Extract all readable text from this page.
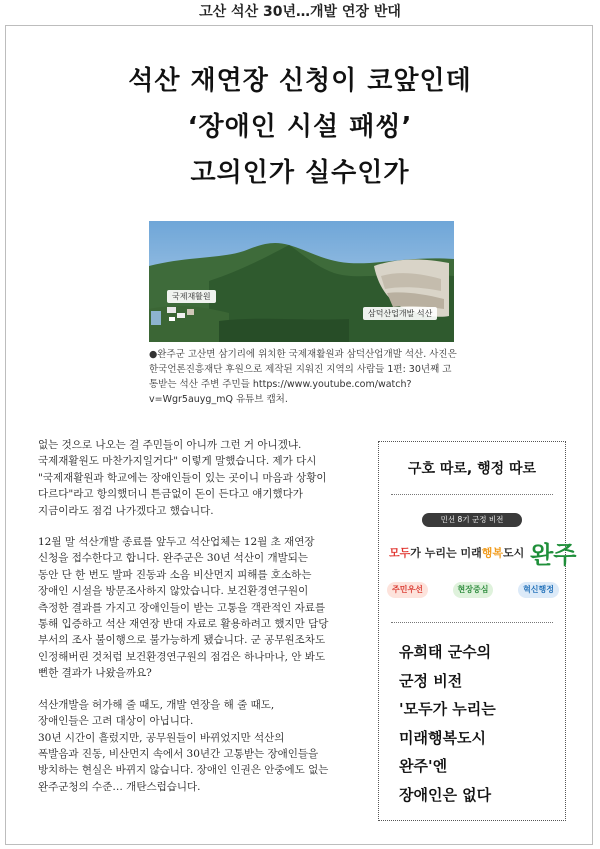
고산 석산 30년…개발 연장 반대
석산 재연장 신청이 코앞인데
‘장애인 시설 패씽’
고의인가 실수인가
국제재활원
삼덕산업개발 석산
●완주군 고산면 삼기리에 위치한 국제재활원과 삼덕산업개발 석산. 사진은 한국언론진흥재단 후원으로 제작된 지워진 지역의 사람들 1편: 30년째 고통받는 석산 주변 주민들 https://www.youtube.com/watch?v=Wgr5auyg_mQ 유튜브 캡처.

없는 것으로 나오는 걸 주민들이 아니까 그런 거 아니겠냐.
국제재활원도 마찬가지일거다" 이렇게 말했습니다. 제가 다시
"국제재활원과 학교에는 장애인들이 있는 곳이니 마음과 상황이
다르다"라고 항의했더니 튼금없이 돈이 든다고 얘기했다가
지금이라도 점검 나가겠다고 했습니다.

12월 말 석산개발 종료를 앞두고 석산업체는 12월 초 재연장
신청을 접수한다고 합니다. 완주군은 30년 석산이 개발되는
동안 단 한 번도 발파 진동과 소음 비산먼지 피해를 호소하는
장애인 시설을 방문조사하지 않았습니다. 보건환경연구원이
측정한 결과를 가지고 장애인들이 받는 고통을 객관적인 자료를
통해 입증하고 석산 재연장 반대 자료로 활용하려고 했지만 담당
부서의 조사 불이행으로 불가능하게 됐습니다. 군 공무원조차도
인정해버린 것처럼 보건환경연구원의 점검은 하나마나, 안 봐도
뻔한 결과가 나왔을까요?

석산개발을 허가해 줄 때도, 개발 연장을 해 줄 때도,
장애인들은 고려 대상이 아닙니다.
30년 시간이 흘렀지만, 공무원들이 바뀌었지만 석산의
폭발음과 진동, 비산먼지 속에서 30년간 고통받는 장애인들을
방치하는 현실은 바뀌지 않습니다. 장애인 인권은 안중에도 없는
완주군청의 수준… 개탄스럽습니다.

구호 따로, 행정 따로
민선 8기 군정 비전
모두가 누리는 미래행복도시 완주
주민우선	현장중심	혁신행정
유희태 군수의
군정 비전
'모두가 누리는
미래행복도시
완주'엔
장애인은 없다
